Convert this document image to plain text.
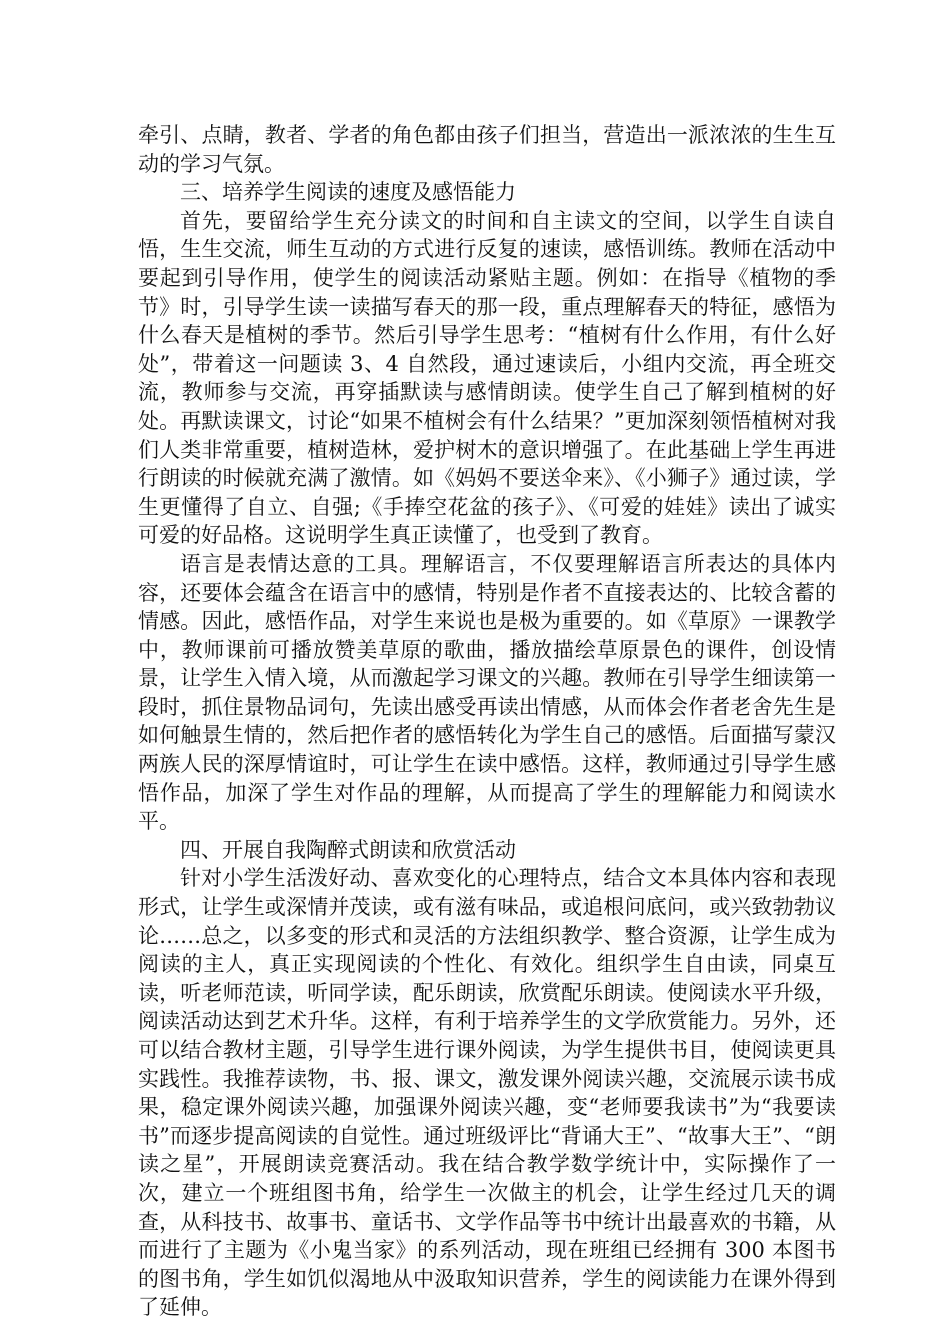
牵引、点睛，教者、学者的角色都由孩子们担当，营造出一派浓浓的生生互动的学习气氛。

三、培养学生阅读的速度及感悟能力

首先，要留给学生充分读文的时间和自主读文的空间，以学生自读自悟，生生交流，师生互动的方式进行反复的速读，感悟训练。教师在活动中要起到引导作用，使学生的阅读活动紧贴主题。例如：在指导《植物的季节》时，引导学生读一读描写春天的那一段，重点理解春天的特征，感悟为什么春天是植树的季节。然后引导学生思考：“植树有什么作用，有什么好处”，带着这一问题读 3、4 自然段，通过速读后，小组内交流，再全班交流，教师参与交流，再穿插默读与感情朗读。使学生自己了解到植树的好处。再默读课文，讨论“如果不植树会有什么结果？”更加深刻领悟植树对我们人类非常重要，植树造林，爱护树木的意识增强了。在此基础上学生再进行朗读的时候就充满了激情。如《妈妈不要送伞来》、《小狮子》通过读，学生更懂得了自立、自强;《手捧空花盆的孩子》、《可爱的娃娃》读出了诚实可爱的好品格。这说明学生真正读懂了，也受到了教育。

语言是表情达意的工具。理解语言，不仅要理解语言所表达的具体内容，还要体会蕴含在语言中的感情，特别是作者不直接表达的、比较含蓄的情感。因此，感悟作品，对学生来说也是极为重要的。如《草原》一课教学中，教师课前可播放赞美草原的歌曲，播放描绘草原景色的课件，创设情景，让学生入情入境，从而激起学习课文的兴趣。教师在引导学生细读第一段时，抓住景物品词句，先读出感受再读出情感，从而体会作者老舍先生是如何触景生情的，然后把作者的感悟转化为学生自己的感悟。后面描写蒙汉两族人民的深厚情谊时，可让学生在读中感悟。这样，教师通过引导学生感悟作品，加深了学生对作品的理解，从而提高了学生的理解能力和阅读水平。

四、开展自我陶醉式朗读和欣赏活动

针对小学生活泼好动、喜欢变化的心理特点，结合文本具体内容和表现形式，让学生或深情并茂读，或有滋有味品，或追根问底问，或兴致勃勃议论……总之，以多变的形式和灵活的方法组织教学、整合资源，让学生成为阅读的主人，真正实现阅读的个性化、有效化。组织学生自由读，同桌互读，听老师范读，听同学读，配乐朗读，欣赏配乐朗读。使阅读水平升级，阅读活动达到艺术升华。这样，有利于培养学生的文学欣赏能力。另外，还可以结合教材主题，引导学生进行课外阅读，为学生提供书目，使阅读更具实践性。我推荐读物，书、报、课文，激发课外阅读兴趣，交流展示读书成果，稳定课外阅读兴趣，加强课外阅读兴趣，变“老师要我读书”为“我要读书”而逐步提高阅读的自觉性。通过班级评比“背诵大王”、“故事大王”、“朗读之星”，开展朗读竞赛活动。我在结合教学数学统计中，实际操作了一次，建立一个班组图书角，给学生一次做主的机会，让学生经过几天的调查，从科技书、故事书、童话书、文学作品等书中统计出最喜欢的书籍，从而进行了主题为《小鬼当家》的系列活动，现在班组已经拥有 300 本图书的图书角，学生如饥似渴地从中汲取知识营养，学生的阅读能力在课外得到了延伸。
